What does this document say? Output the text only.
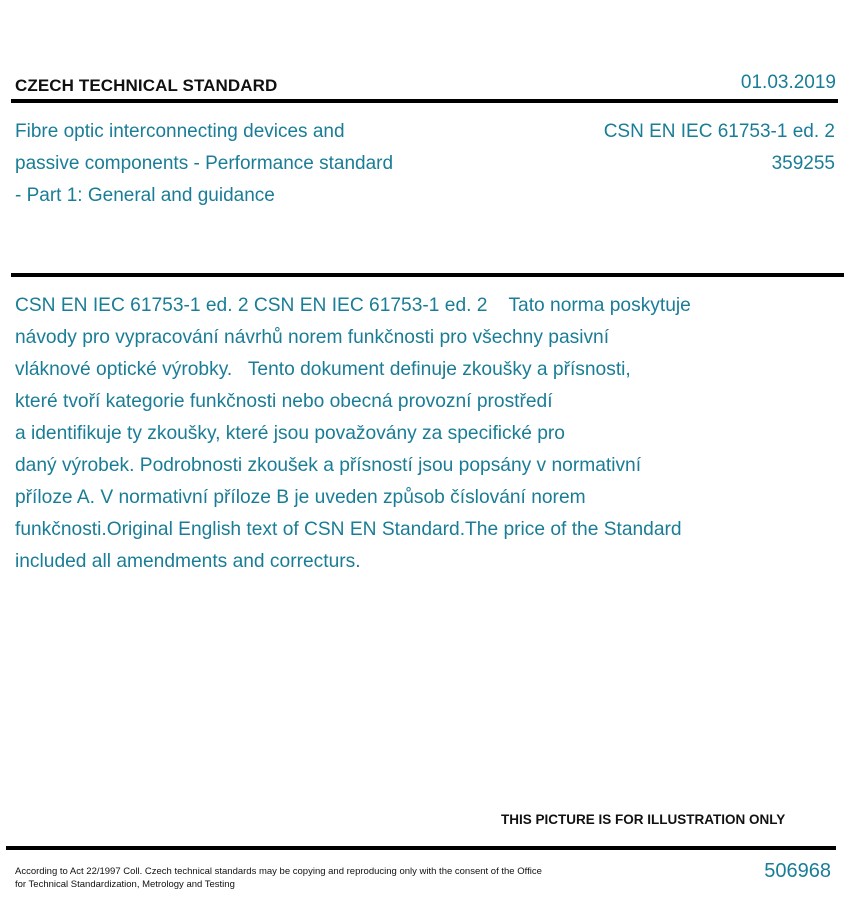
CZECH TECHNICAL STANDARD	01.03.2019
Fibre optic interconnecting devices and
passive components - Performance standard
- Part 1: General and guidance
CSN EN IEC 61753-1 ed. 2
359255
CSN EN IEC 61753-1 ed. 2 CSN EN IEC 61753-1 ed. 2    Tato norma poskytuje
návody pro vypracování návrhů norem funkčnosti pro všechny pasivní
vláknové optické výrobky.   Tento dokument definuje zkoušky a přísnosti,
které tvoří kategorie funkčnosti nebo obecná provozní prostředí
a identifikuje ty zkoušky, které jsou považovány za specifické pro
daný výrobek. Podrobnosti zkoušek a přísností jsou popsány v normativní
příloze A. V normativní příloze B je uveden způsob číslování norem
funkčnosti.Original English text of CSN EN Standard.The price of the Standard
included all amendments and correcturs.
THIS PICTURE IS FOR ILLUSTRATION ONLY
According to Act 22/1997 Coll. Czech technical standards may be copying and reproducing only with the consent of the Office
for Technical Standardization, Metrology and Testing
506968
